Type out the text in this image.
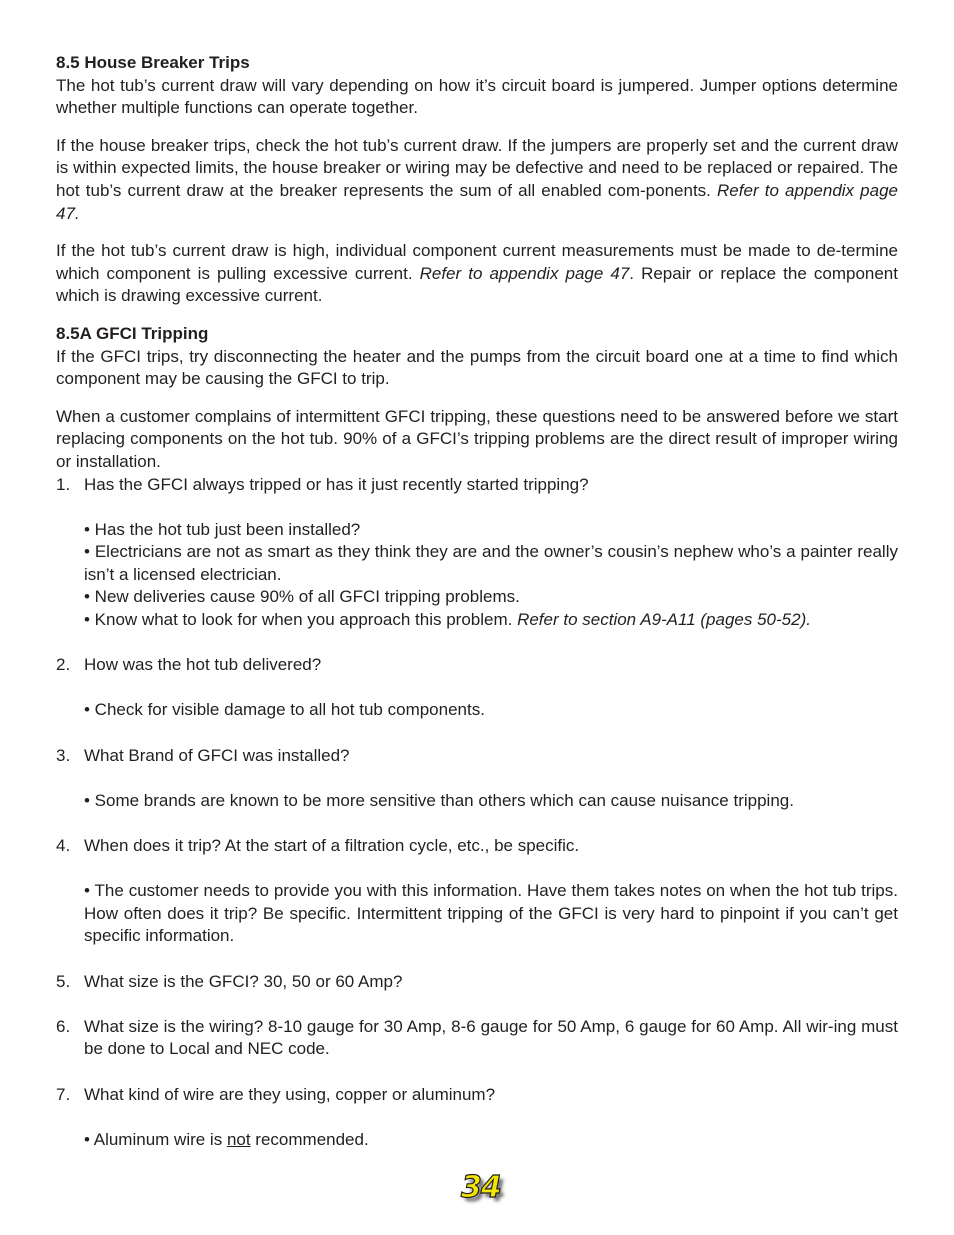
8.5 House Breaker Trips

The hot tub’s current draw will vary depending on how it’s circuit board is jumpered. Jumper options determine whether multiple functions can operate together.

If the house breaker trips, check the hot tub’s current draw. If the jumpers are properly set and the current draw is within expected limits, the house breaker or wiring may be defective and need to be replaced or repaired. The hot tub’s current draw at the breaker represents the sum of all enabled com-ponents. Refer to appendix page 47.

If the hot tub’s current draw is high, individual component current measurements must be made to de-termine which component is pulling excessive current. Refer to appendix page 47. Repair or replace the component which is drawing excessive current.

8.5A GFCI Tripping

If the GFCI trips, try disconnecting the heater and the pumps from the circuit board one at a time to find which component may be causing the GFCI to trip.

When a customer complains of intermittent GFCI tripping, these questions need to be answered before we start replacing components on the hot tub. 90% of a GFCI’s tripping problems are the direct result of improper wiring or installation.

1. Has the GFCI always tripped or has it just recently started tripping?
• Has the hot tub just been installed?
• Electricians are not as smart as they think they are and the owner’s cousin’s nephew who’s a painter really isn’t a licensed electrician.
• New deliveries cause 90% of all GFCI tripping problems.
• Know what to look for when you approach this problem. Refer to section A9-A11 (pages 50-52).
2. How was the hot tub delivered?
• Check for visible damage to all hot tub components.
3. What Brand of GFCI was installed?
• Some brands are known to be more sensitive than others which can cause nuisance tripping.
4. When does it trip? At the start of a filtration cycle, etc., be specific.
• The customer needs to provide you with this information. Have them takes notes on when the hot tub trips. How often does it trip? Be specific. Intermittent tripping of the GFCI is very hard to pinpoint if you can’t get specific information.
5. What size is the GFCI? 30, 50 or 60 Amp?
6. What size is the wiring? 8-10 gauge for 30 Amp, 8-6 gauge for 50 Amp, 6 gauge for 60 Amp. All wir-ing must be done to Local and NEC code.
7. What kind of wire are they using, copper or aluminum?
• Aluminum wire is not recommended.
34
